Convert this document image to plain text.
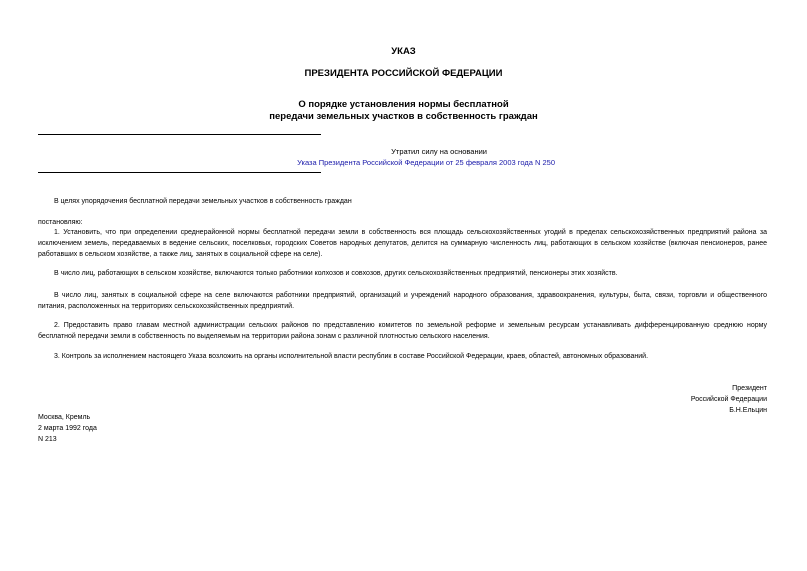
УКАЗ
ПРЕЗИДЕНТА РОССИЙСКОЙ ФЕДЕРАЦИИ
О порядке установления нормы бесплатной
передачи земельных участков в собственность граждан
Утратил силу на основании
Указа Президента Российской Федерации от 25 февраля 2003 года N 250
В целях упорядочения бесплатной передачи земельных участков в собственность граждан
постановляю:
1. Установить, что при определении среднерайонной нормы бесплатной передачи земли в собственность вся площадь сельскохозяйственных угодий в пределах сельскохозяйственных предприятий района за исключением земель, передаваемых в ведение сельских, поселковых, городских Советов народных депутатов, делится на суммарную численность лиц, работающих в сельском хозяйстве (включая пенсионеров, ранее работавших в сельском хозяйстве, а также лиц, занятых в социальной сфере на селе).
В число лиц, работающих в сельском хозяйстве, включаются только работники колхозов и совхозов, других сельскохозяйственных предприятий, пенсионеры этих хозяйств.
В число лиц, занятых в социальной сфере на селе включаются работники предприятий, организаций и учреждений народного образования, здравоохранения, культуры, быта, связи, торговли и общественного питания, расположенных на территориях сельскохозяйственных предприятий.
2. Предоставить право главам местной администрации сельских районов по представлению комитетов по земельной реформе и земельным ресурсам устанавливать дифференцированную среднюю норму бесплатной передачи земли в собственность по выделяемым на территории района зонам с различной плотностью сельского населения.
3. Контроль за исполнением настоящего Указа возложить на органы исполнительной власти республик в составе Российской Федерации, краев, областей, автономных образований.
Президент
Российской Федерации
Б.Н.Ельцин
Москва, Кремль
2 марта 1992 года
N 213
